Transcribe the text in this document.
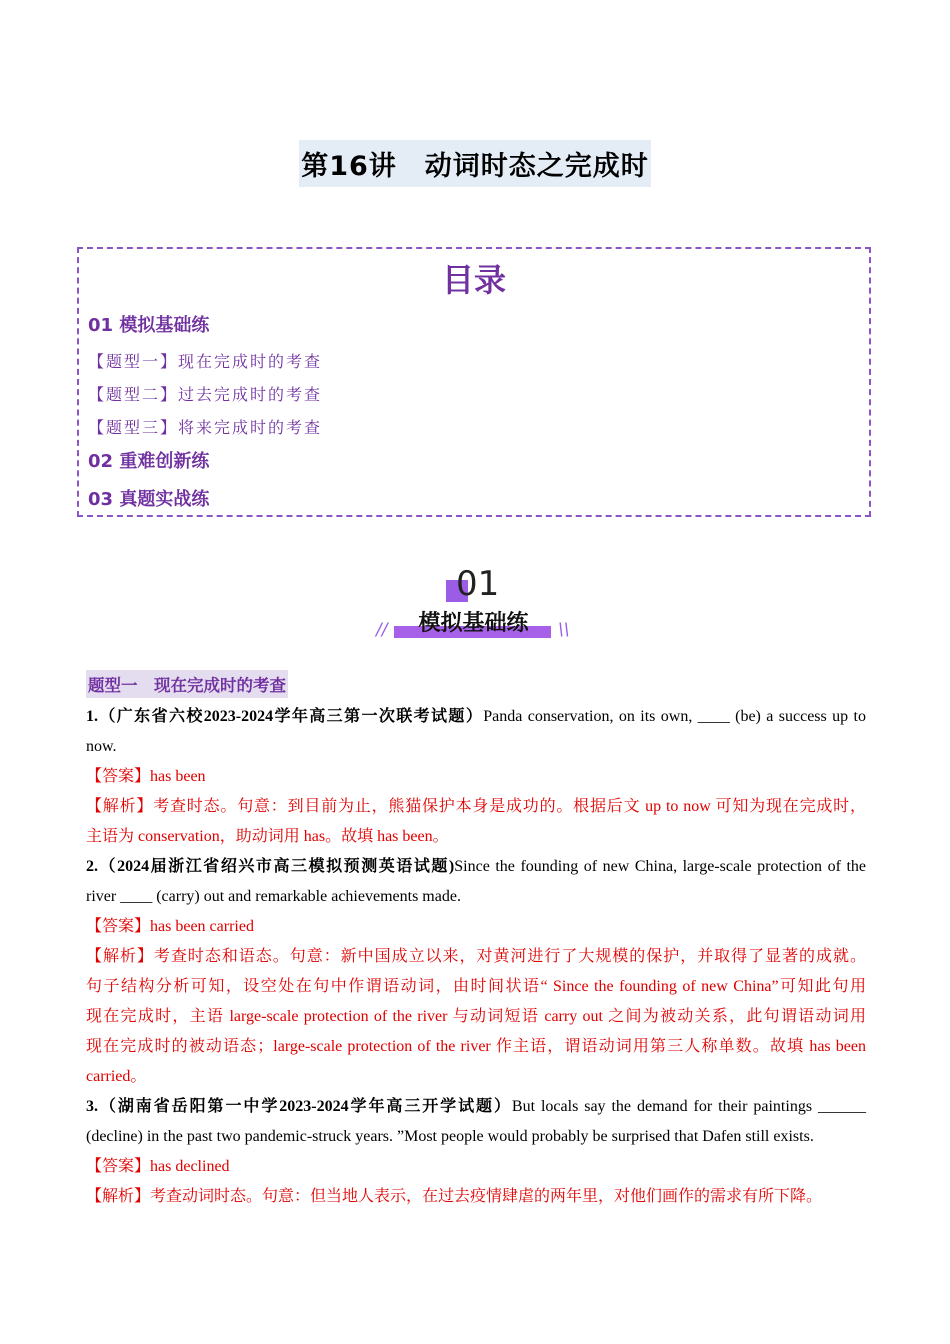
第16讲　动词时态之完成时
目录
01 模拟基础练
【题型一】现在完成时的考查
【题型二】过去完成时的考查
【题型三】将来完成时的考查
02 重难创新练
03 真题实战练
01
模拟基础练
//	\\
题型一　现在完成时的考查
1.（广东省六校2023-2024学年高三第一次联考试题）Panda conservation, on its own, ____ (be) a success up to
now.
【答案】has been
【解析】考查时态。句意：到目前为止，熊猫保护本身是成功的。根据后文 up to now 可知为现在完成时，
主语为 conservation，助动词用 has。故填 has been。
2.（2024届浙江省绍兴市高三模拟预测英语试题)Since the founding of new China, large-scale protection of the
river ____ (carry) out and remarkable achievements made.
【答案】has been carried
【解析】考查时态和语态。句意：新中国成立以来，对黄河进行了大规模的保护，并取得了显著的成就。
句子结构分析可知，设空处在句中作谓语动词，由时间状语“ Since the founding of new China”可知此句用
现在完成时，主语 large-scale protection of the river 与动词短语 carry out 之间为被动关系，此句谓语动词用
现在完成时的被动语态；large-scale protection of the river 作主语，谓语动词用第三人称单数。故填 has been
carried。
3.（湖南省岳阳第一中学2023-2024学年高三开学试题）But locals say the demand for their paintings ______
(decline) in the past two pandemic-struck years. ”Most people would probably be surprised that Dafen still exists.
【答案】has declined
【解析】考查动词时态。句意：但当地人表示，在过去疫情肆虐的两年里，对他们画作的需求有所下降。
